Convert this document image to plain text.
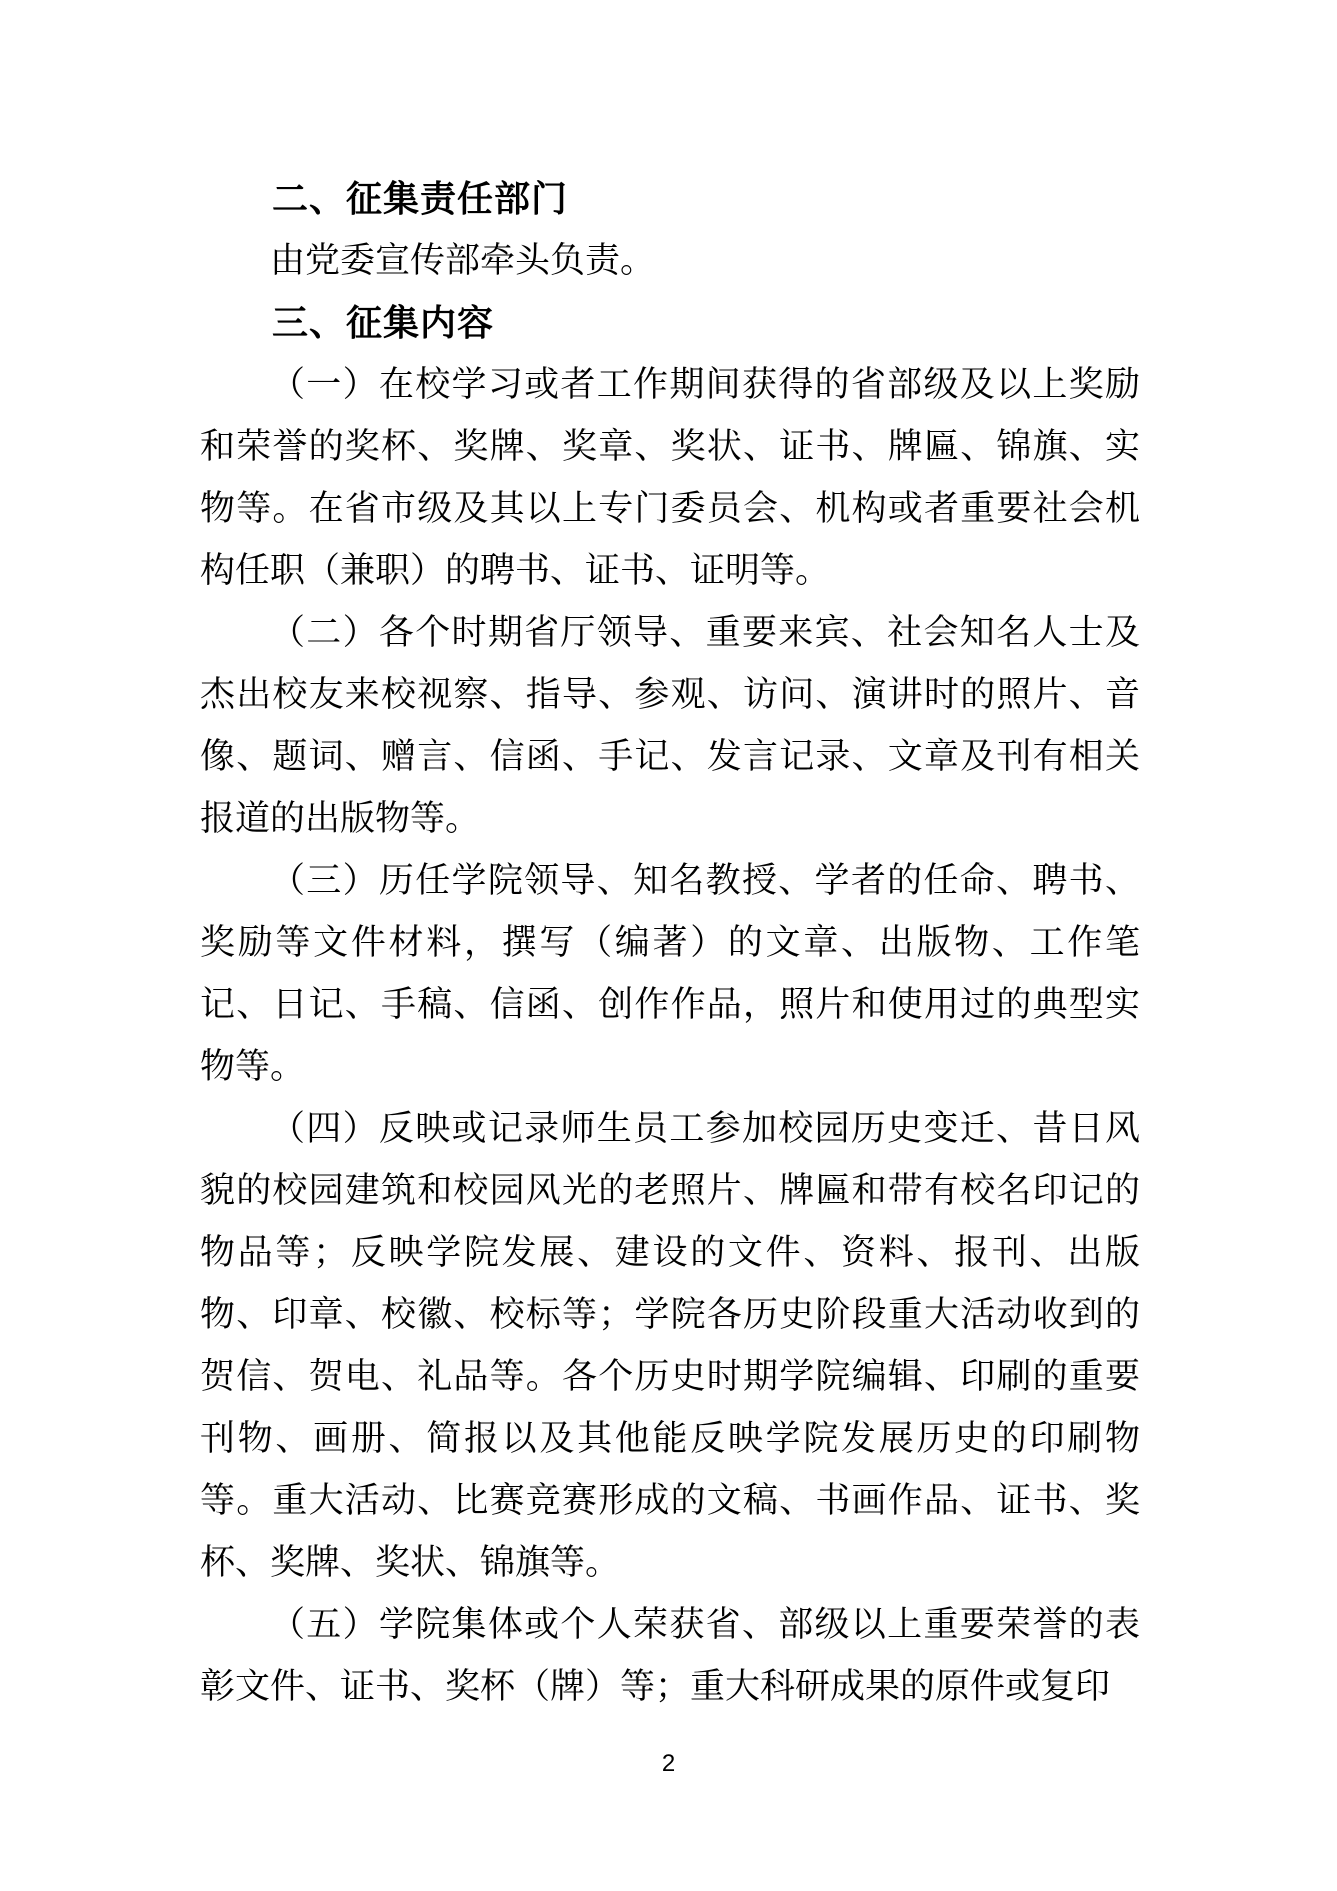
二、征集责任部门

由党委宣传部牵头负责。

三、征集内容

（一）在校学习或者工作期间获得的省部级及以上奖励和荣誉的奖杯、奖牌、奖章、奖状、证书、牌匾、锦旗、实物等。在省市级及其以上专门委员会、机构或者重要社会机构任职（兼职）的聘书、证书、证明等。

（二）各个时期省厅领导、重要来宾、社会知名人士及杰出校友来校视察、指导、参观、访问、演讲时的照片、音像、题词、赠言、信函、手记、发言记录、文章及刊有相关报道的出版物等。

（三）历任学院领导、知名教授、学者的任命、聘书、奖励等文件材料，撰写（编著）的文章、出版物、工作笔记、日记、手稿、信函、创作作品，照片和使用过的典型实物等。

（四）反映或记录师生员工参加校园历史变迁、昔日风貌的校园建筑和校园风光的老照片、牌匾和带有校名印记的物品等；反映学院发展、建设的文件、资料、报刊、出版物、印章、校徽、校标等；学院各历史阶段重大活动收到的贺信、贺电、礼品等。各个历史时期学院编辑、印刷的重要刊物、画册、简报以及其他能反映学院发展历史的印刷物等。重大活动、比赛竞赛形成的文稿、书画作品、证书、奖杯、奖牌、奖状、锦旗等。

（五）学院集体或个人荣获省、部级以上重要荣誉的表彰文件、证书、奖杯（牌）等；重大科研成果的原件或复印

2
